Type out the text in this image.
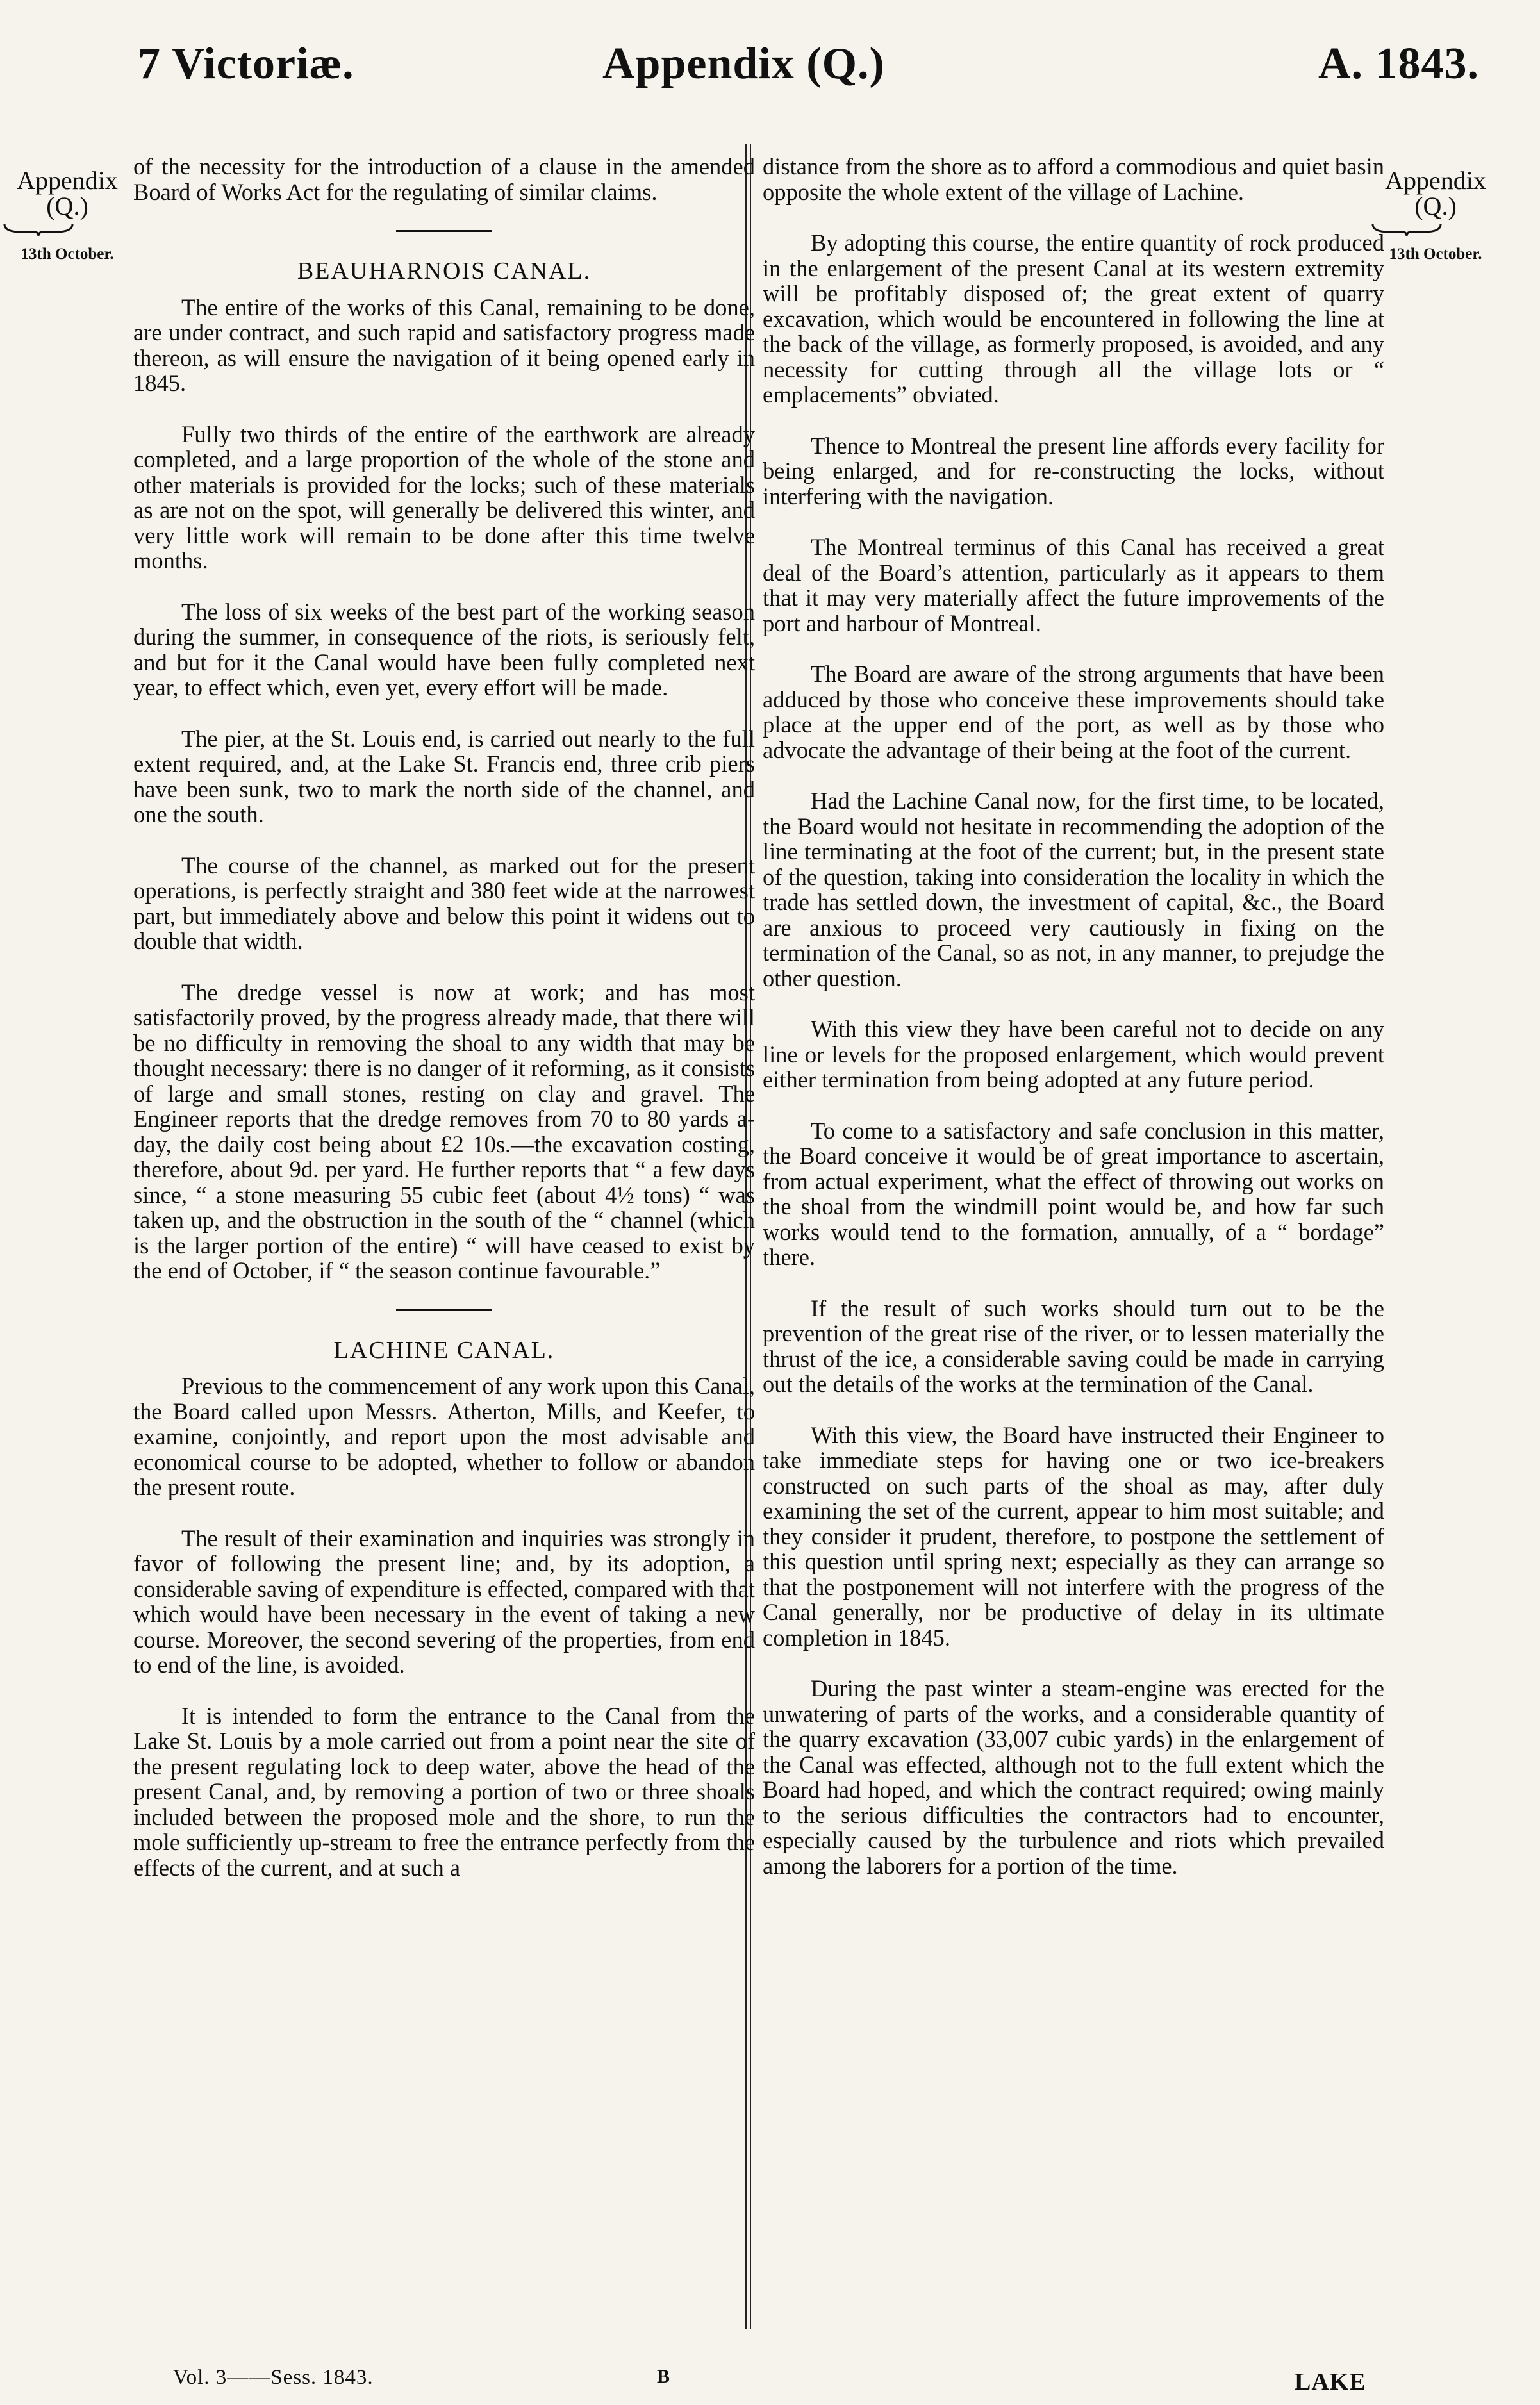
7 Victoriæ.	Appendix (Q.)	A. 1843.
Appendix
(Q.)
13th October.
Appendix
(Q.)
13th October.

of the necessity for the introduction of a clause in the amended Board of Works Act for the regulating of similar claims.

BEAUHARNOIS CANAL.

The entire of the works of this Canal, remaining to be done, are under contract, and such rapid and satisfactory progress made thereon, as will ensure the navigation of it being opened early in 1845.

Fully two thirds of the entire of the earthwork are already completed, and a large proportion of the whole of the stone and other materials is provided for the locks; such of these materials as are not on the spot, will generally be delivered this winter, and very little work will remain to be done after this time twelve months.

The loss of six weeks of the best part of the working season during the summer, in consequence of the riots, is seriously felt, and but for it the Canal would have been fully completed next year, to effect which, even yet, every effort will be made.

The pier, at the St. Louis end, is carried out nearly to the full extent required, and, at the Lake St. Francis end, three crib piers have been sunk, two to mark the north side of the channel, and one the south.

The course of the channel, as marked out for the present operations, is perfectly straight and 380 feet wide at the narrowest part, but immediately above and below this point it widens out to double that width.

The dredge vessel is now at work; and has most satisfactorily proved, by the progress already made, that there will be no difficulty in removing the shoal to any width that may be thought necessary: there is no danger of it reforming, as it consists of large and small stones, resting on clay and gravel. The Engineer reports that the dredge removes from 70 to 80 yards a-day, the daily cost being about £2 10s.—the excavation costing, therefore, about 9d. per yard. He further reports that “ a few days since, “ a stone measuring 55 cubic feet (about 4½ tons) “ was taken up, and the obstruction in the south of the “ channel (which is the larger portion of the entire) “ will have ceased to exist by the end of October, if “ the season continue favourable.”

LACHINE CANAL.

Previous to the commencement of any work upon this Canal, the Board called upon Messrs. Atherton, Mills, and Keefer, to examine, conjointly, and report upon the most advisable and economical course to be adopted, whether to follow or abandon the present route.

The result of their examination and inquiries was strongly in favor of following the present line; and, by its adoption, a considerable saving of expenditure is effected, compared with that which would have been necessary in the event of taking a new course. Moreover, the second severing of the properties, from end to end of the line, is avoided.

It is intended to form the entrance to the Canal from the Lake St. Louis by a mole carried out from a point near the site of the present regulating lock to deep water, above the head of the present Canal, and, by removing a portion of two or three shoals included between the proposed mole and the shore, to run the mole sufficiently up-stream to free the entrance perfectly from the effects of the current, and at such a

distance from the shore as to afford a commodious and quiet basin opposite the whole extent of the village of Lachine.

By adopting this course, the entire quantity of rock produced in the enlargement of the present Canal at its western extremity will be profitably disposed of; the great extent of quarry excavation, which would be encountered in following the line at the back of the village, as formerly proposed, is avoided, and any necessity for cutting through all the village lots or “ emplacements” obviated.

Thence to Montreal the present line affords every facility for being enlarged, and for re-constructing the locks, without interfering with the navigation.

The Montreal terminus of this Canal has received a great deal of the Board’s attention, particularly as it appears to them that it may very materially affect the future improvements of the port and harbour of Montreal.

The Board are aware of the strong arguments that have been adduced by those who conceive these improvements should take place at the upper end of the port, as well as by those who advocate the advantage of their being at the foot of the current.

Had the Lachine Canal now, for the first time, to be located, the Board would not hesitate in recommending the adoption of the line terminating at the foot of the current; but, in the present state of the question, taking into consideration the locality in which the trade has settled down, the investment of capital, &c., the Board are anxious to proceed very cautiously in fixing on the termination of the Canal, so as not, in any manner, to prejudge the other question.

With this view they have been careful not to decide on any line or levels for the proposed enlargement, which would prevent either termination from being adopted at any future period.

To come to a satisfactory and safe conclusion in this matter, the Board conceive it would be of great importance to ascertain, from actual experiment, what the effect of throwing out works on the shoal from the windmill point would be, and how far such works would tend to the formation, annually, of a “ bordage” there.

If the result of such works should turn out to be the prevention of the great rise of the river, or to lessen materially the thrust of the ice, a considerable saving could be made in carrying out the details of the works at the termination of the Canal.

With this view, the Board have instructed their Engineer to take immediate steps for having one or two ice-breakers constructed on such parts of the shoal as may, after duly examining the set of the current, appear to him most suitable; and they consider it prudent, therefore, to postpone the settlement of this question until spring next; especially as they can arrange so that the postponement will not interfere with the progress of the Canal generally, nor be productive of delay in its ultimate completion in 1845.

During the past winter a steam-engine was erected for the unwatering of parts of the works, and a considerable quantity of the quarry excavation (33,007 cubic yards) in the enlargement of the Canal was effected, although not to the full extent which the Board had hoped, and which the contract required; owing mainly to the serious difficulties the contractors had to encounter, especially caused by the turbulence and riots which prevailed among the laborers for a portion of the time.

Vol. 3——Sess. 1843.	B	LAKE
